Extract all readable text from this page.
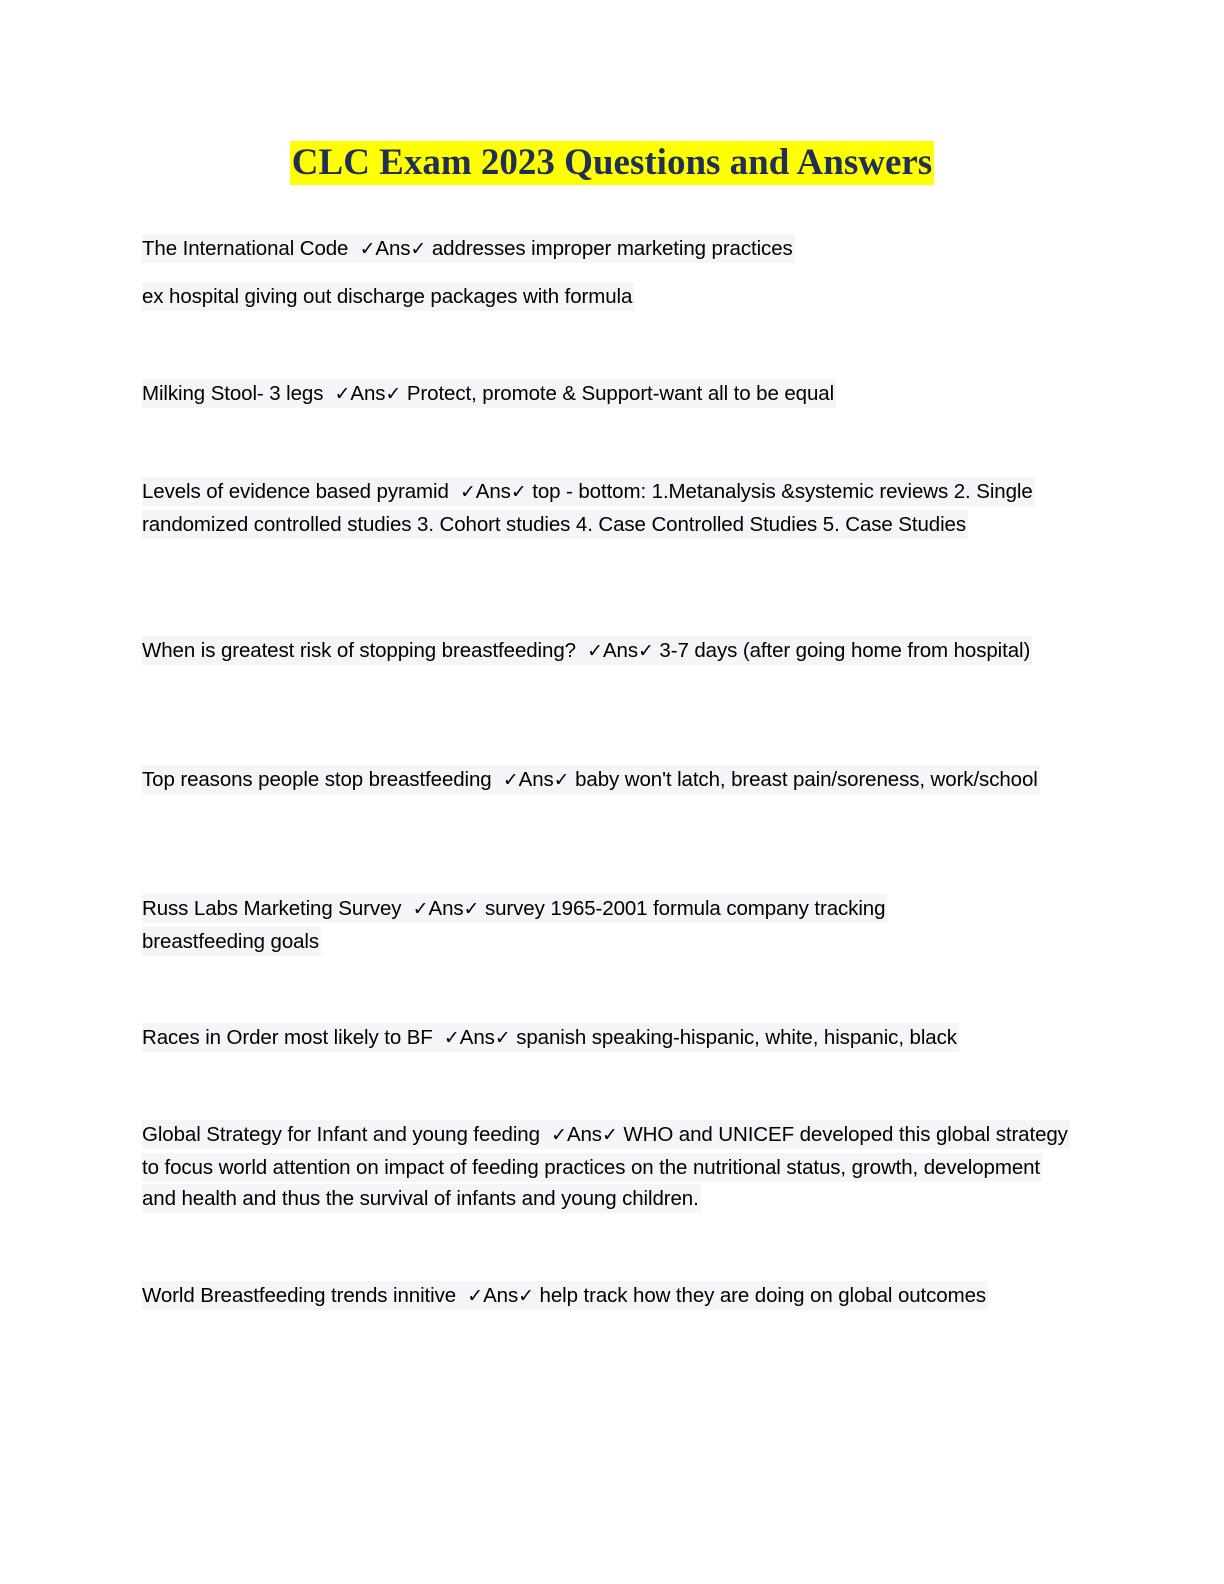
CLC Exam 2023 Questions and Answers
The International Code ✓Ans✓ addresses improper marketing practices
ex hospital giving out discharge packages with formula
Milking Stool- 3 legs ✓Ans✓ Protect, promote & Support-want all to be equal
Levels of evidence based pyramid ✓Ans✓ top - bottom: 1.Metanalysis &systemic reviews 2. Single randomized controlled studies 3. Cohort studies 4. Case Controlled Studies 5. Case Studies
When is greatest risk of stopping breastfeeding? ✓Ans✓ 3-7 days (after going home from hospital)
Top reasons people stop breastfeeding ✓Ans✓ baby won't latch, breast pain/soreness, work/school
Russ Labs Marketing Survey ✓Ans✓ survey 1965-2001 formula company tracking breastfeeding goals
Races in Order most likely to BF ✓Ans✓ spanish speaking-hispanic, white, hispanic, black
Global Strategy for Infant and young feeding ✓Ans✓ WHO and UNICEF developed this global strategy to focus world attention on impact of feeding practices on the nutritional status, growth, development and health and thus the survival of infants and young children.
World Breastfeeding trends innitive ✓Ans✓ help track how they are doing on global outcomes
